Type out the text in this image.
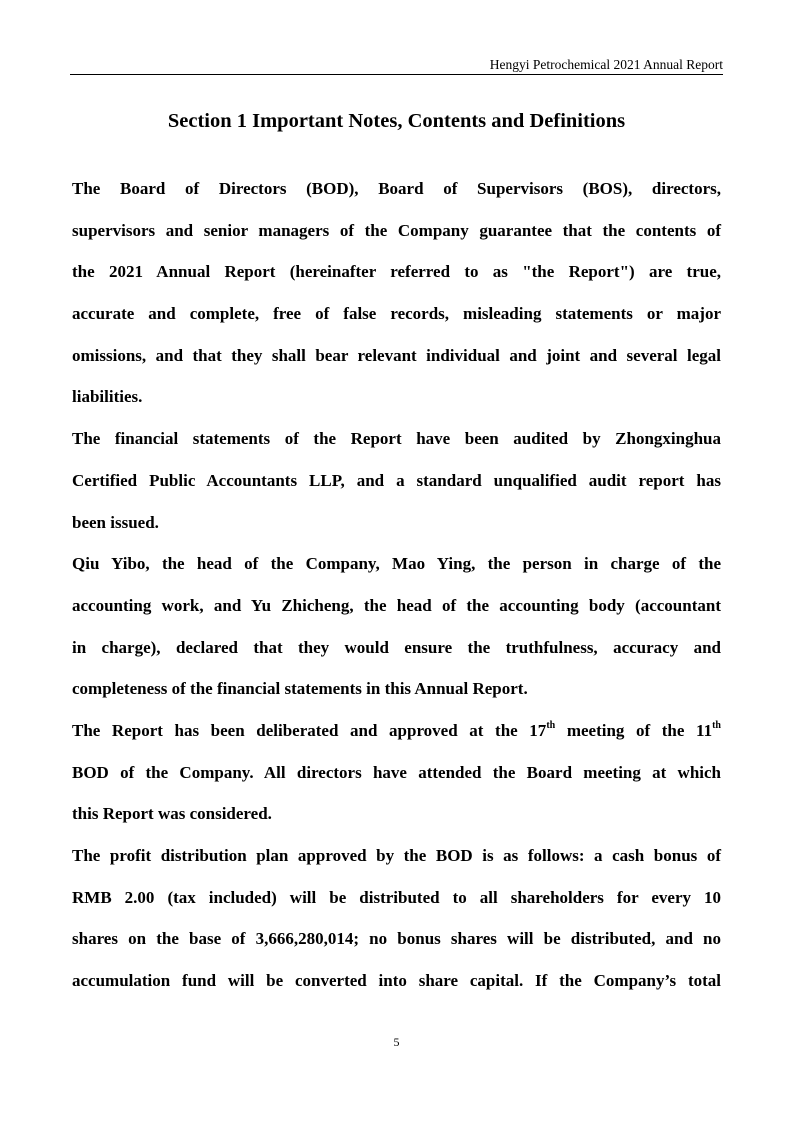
Hengyi Petrochemical 2021 Annual Report
Section 1 Important Notes, Contents and Definitions
The Board of Directors (BOD), Board of Supervisors (BOS), directors,
supervisors and senior managers of the Company guarantee that the contents of
the 2021 Annual Report (hereinafter referred to as "the Report") are true,
accurate and complete, free of false records, misleading statements or major
omissions, and that they shall bear relevant individual and joint and several legal
liabilities.
The financial statements of the Report have been audited by Zhongxinghua
Certified Public Accountants LLP, and a standard unqualified audit report has
been issued.
Qiu Yibo, the head of the Company, Mao Ying, the person in charge of the
accounting work, and Yu Zhicheng, the head of the accounting body (accountant
in charge), declared that they would ensure the truthfulness, accuracy and
completeness of the financial statements in this Annual Report.
The Report has been deliberated and approved at the 17th meeting of the 11th
BOD of the Company. All directors have attended the Board meeting at which
this Report was considered.
The profit distribution plan approved by the BOD is as follows: a cash bonus of
RMB 2.00 (tax included) will be distributed to all shareholders for every 10
shares on the base of 3,666,280,014; no bonus shares will be distributed, and no
accumulation fund will be converted into share capital. If the Company’s total
5
